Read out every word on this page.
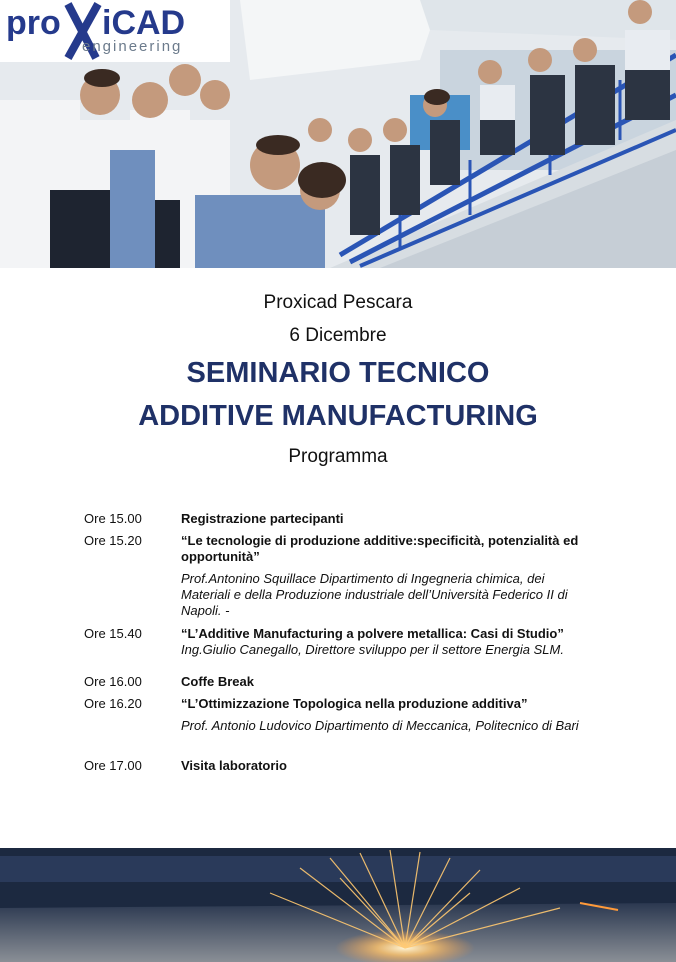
pro iCAD
engineering
Proxicad Pescara
6 Dicembre
SEMINARIO TECNICO
ADDITIVE MANUFACTURING
Programma
Ore 15.00	Registrazione partecipanti
Ore 15.20	“Le tecnologie di produzione additive:specificità, potenzialità ed opportunità”
Prof.Antonino Squillace Dipartimento di Ingegneria chimica, dei Materiali e della Produzione industriale dell’Università Federico II di Napoli. -
Ore 15.40	“L’Additive Manufacturing a polvere metallica: Casi di Studio”
Ing.Giulio Canegallo, Direttore sviluppo per il settore Energia SLM.
Ore 16.00	Coffe Break
Ore 16.20	“L’Ottimizzazione Topologica nella produzione additiva”
Prof. Antonio Ludovico Dipartimento di Meccanica, Politecnico di Bari
Ore 17.00	Visita laboratorio
